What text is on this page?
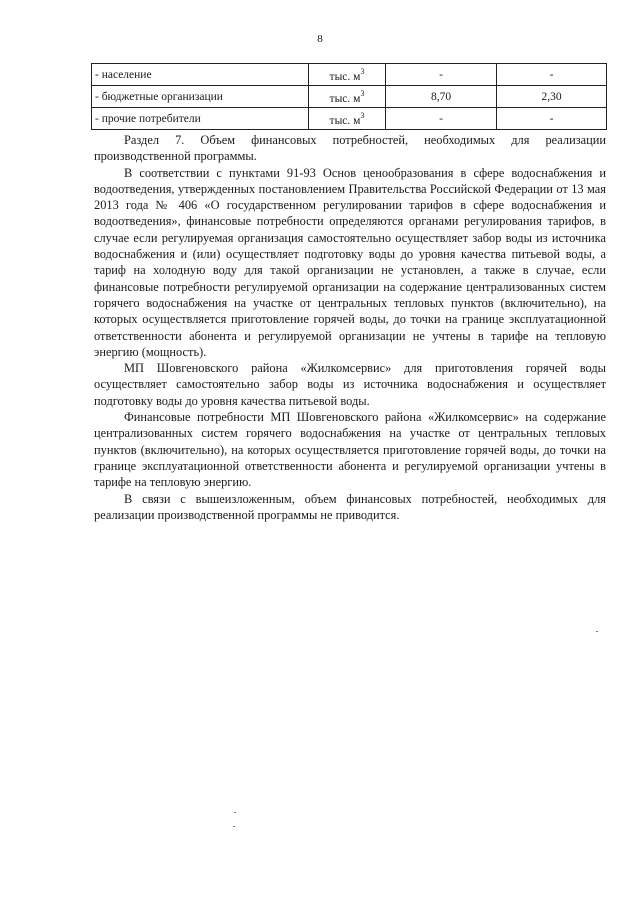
8
- население	тыс. $м^3$	-	-
- бюджетные организации	тыс. $м^3$	8,70	2,30
- прочие потребители	тыс. $м^3$	-	-

Раздел 7. Объем финансовых потребностей, необходимых для реализации производственной программы.

В соответствии с пунктами 91-93 Основ ценообразования в сфере водоснабжения и водоотведения, утвержденных постановлением Правительства Российской Федерации от 13 мая 2013 года № 406 «О государственном регулировании тарифов в сфере водоснабжения и водоотведения», финансовые потребности определяются органами регулирования тарифов, в случае если регулируемая организация самостоятельно осуществляет забор воды из источника водоснабжения и (или) осуществляет подготовку воды до уровня качества питьевой воды, а тариф на холодную воду для такой организации не установлен, а также в случае, если финансовые потребности регулируемой организации на содержание централизованных систем горячего водоснабжения на участке от центральных тепловых пунктов (включительно), на которых осуществляется приготовление горячей воды, до точки на границе эксплуатационной ответственности абонента и регулируемой организации не учтены в тарифе на тепловую энергию (мощность).

МП Шовгеновского района «Жилкомсервис» для приготовления горячей воды осуществляет самостоятельно забор воды из источника водоснабжения и осуществляет подготовку воды до уровня качества питьевой воды.

Финансовые потребности МП Шовгеновского района «Жилкомсервис» на содержание централизованных систем горячего водоснабжения на участке от центральных тепловых пунктов (включительно), на которых осуществляется приготовление горячей воды, до точки на границе эксплуатационной ответственности абонента и регулируемой организации учтены в тарифе на тепловую энергию.

В связи с вышеизложенным, объем финансовых потребностей, необходимых для реализации производственной программы не приводится.
